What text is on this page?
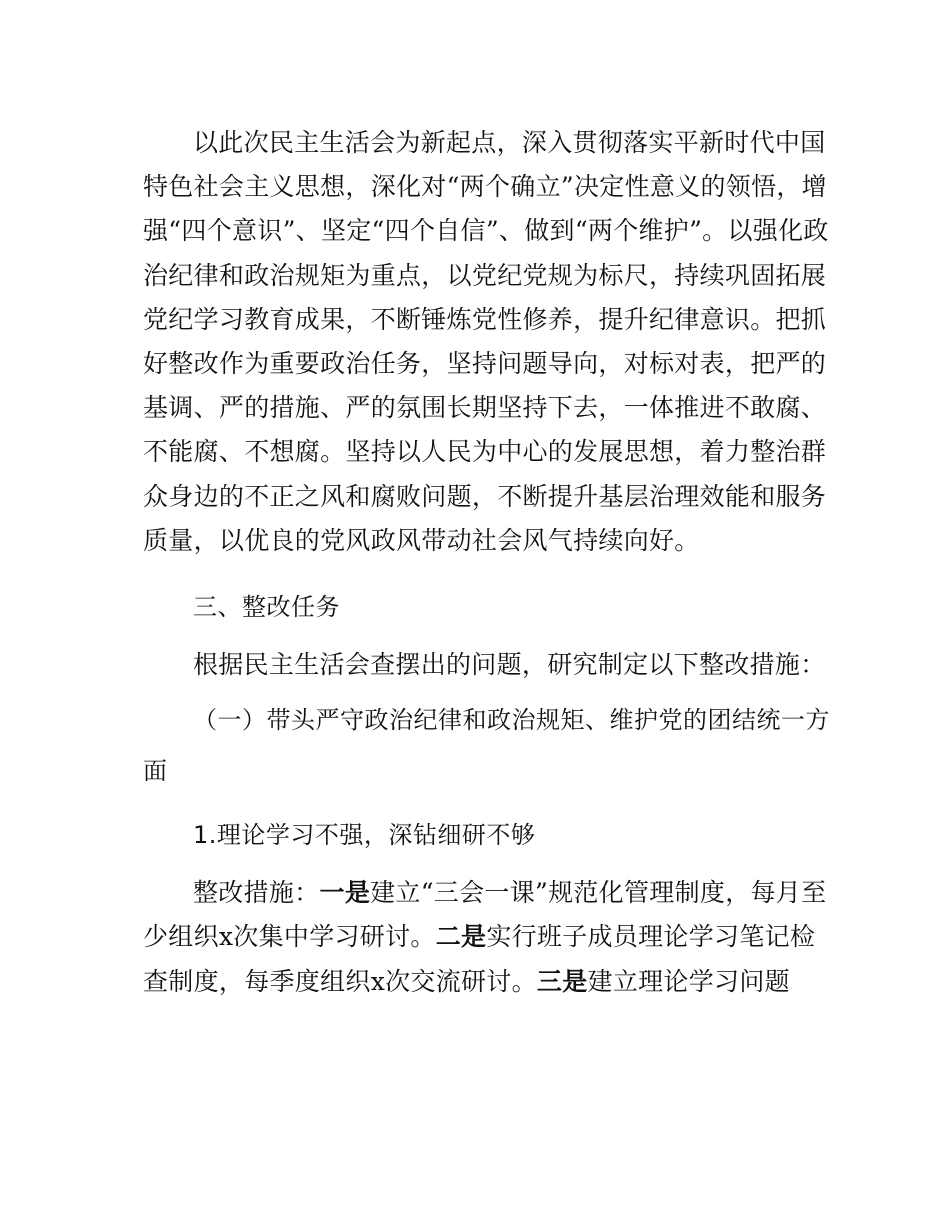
以此次民主生活会为新起点，深入贯彻落实平新时代中国特色社会主义思想，深化对“两个确立”决定性意义的领悟，增强“四个意识”、坚定“四个自信”、做到“两个维护”。以强化政治纪律和政治规矩为重点，以党纪党规为标尺，持续巩固拓展党纪学习教育成果，不断锤炼党性修养，提升纪律意识。把抓好整改作为重要政治任务，坚持问题导向，对标对表，把严的基调、严的措施、严的氛围长期坚持下去，一体推进不敢腐、不能腐、不想腐。坚持以人民为中心的发展思想，着力整治群众身边的不正之风和腐败问题，不断提升基层治理效能和服务质量，以优良的党风政风带动社会风气持续向好。

三、整改任务

根据民主生活会查摆出的问题，研究制定以下整改措施：

（一）带头严守政治纪律和政治规矩、维护党的团结统一方面

1.理论学习不强，深钻细研不够

整改措施：一是建立“三会一课”规范化管理制度，每月至少组织x次集中学习研讨。二是实行班子成员理论学习笔记检查制度，每季度组织x次交流研讨。三是建立理论学习问题
